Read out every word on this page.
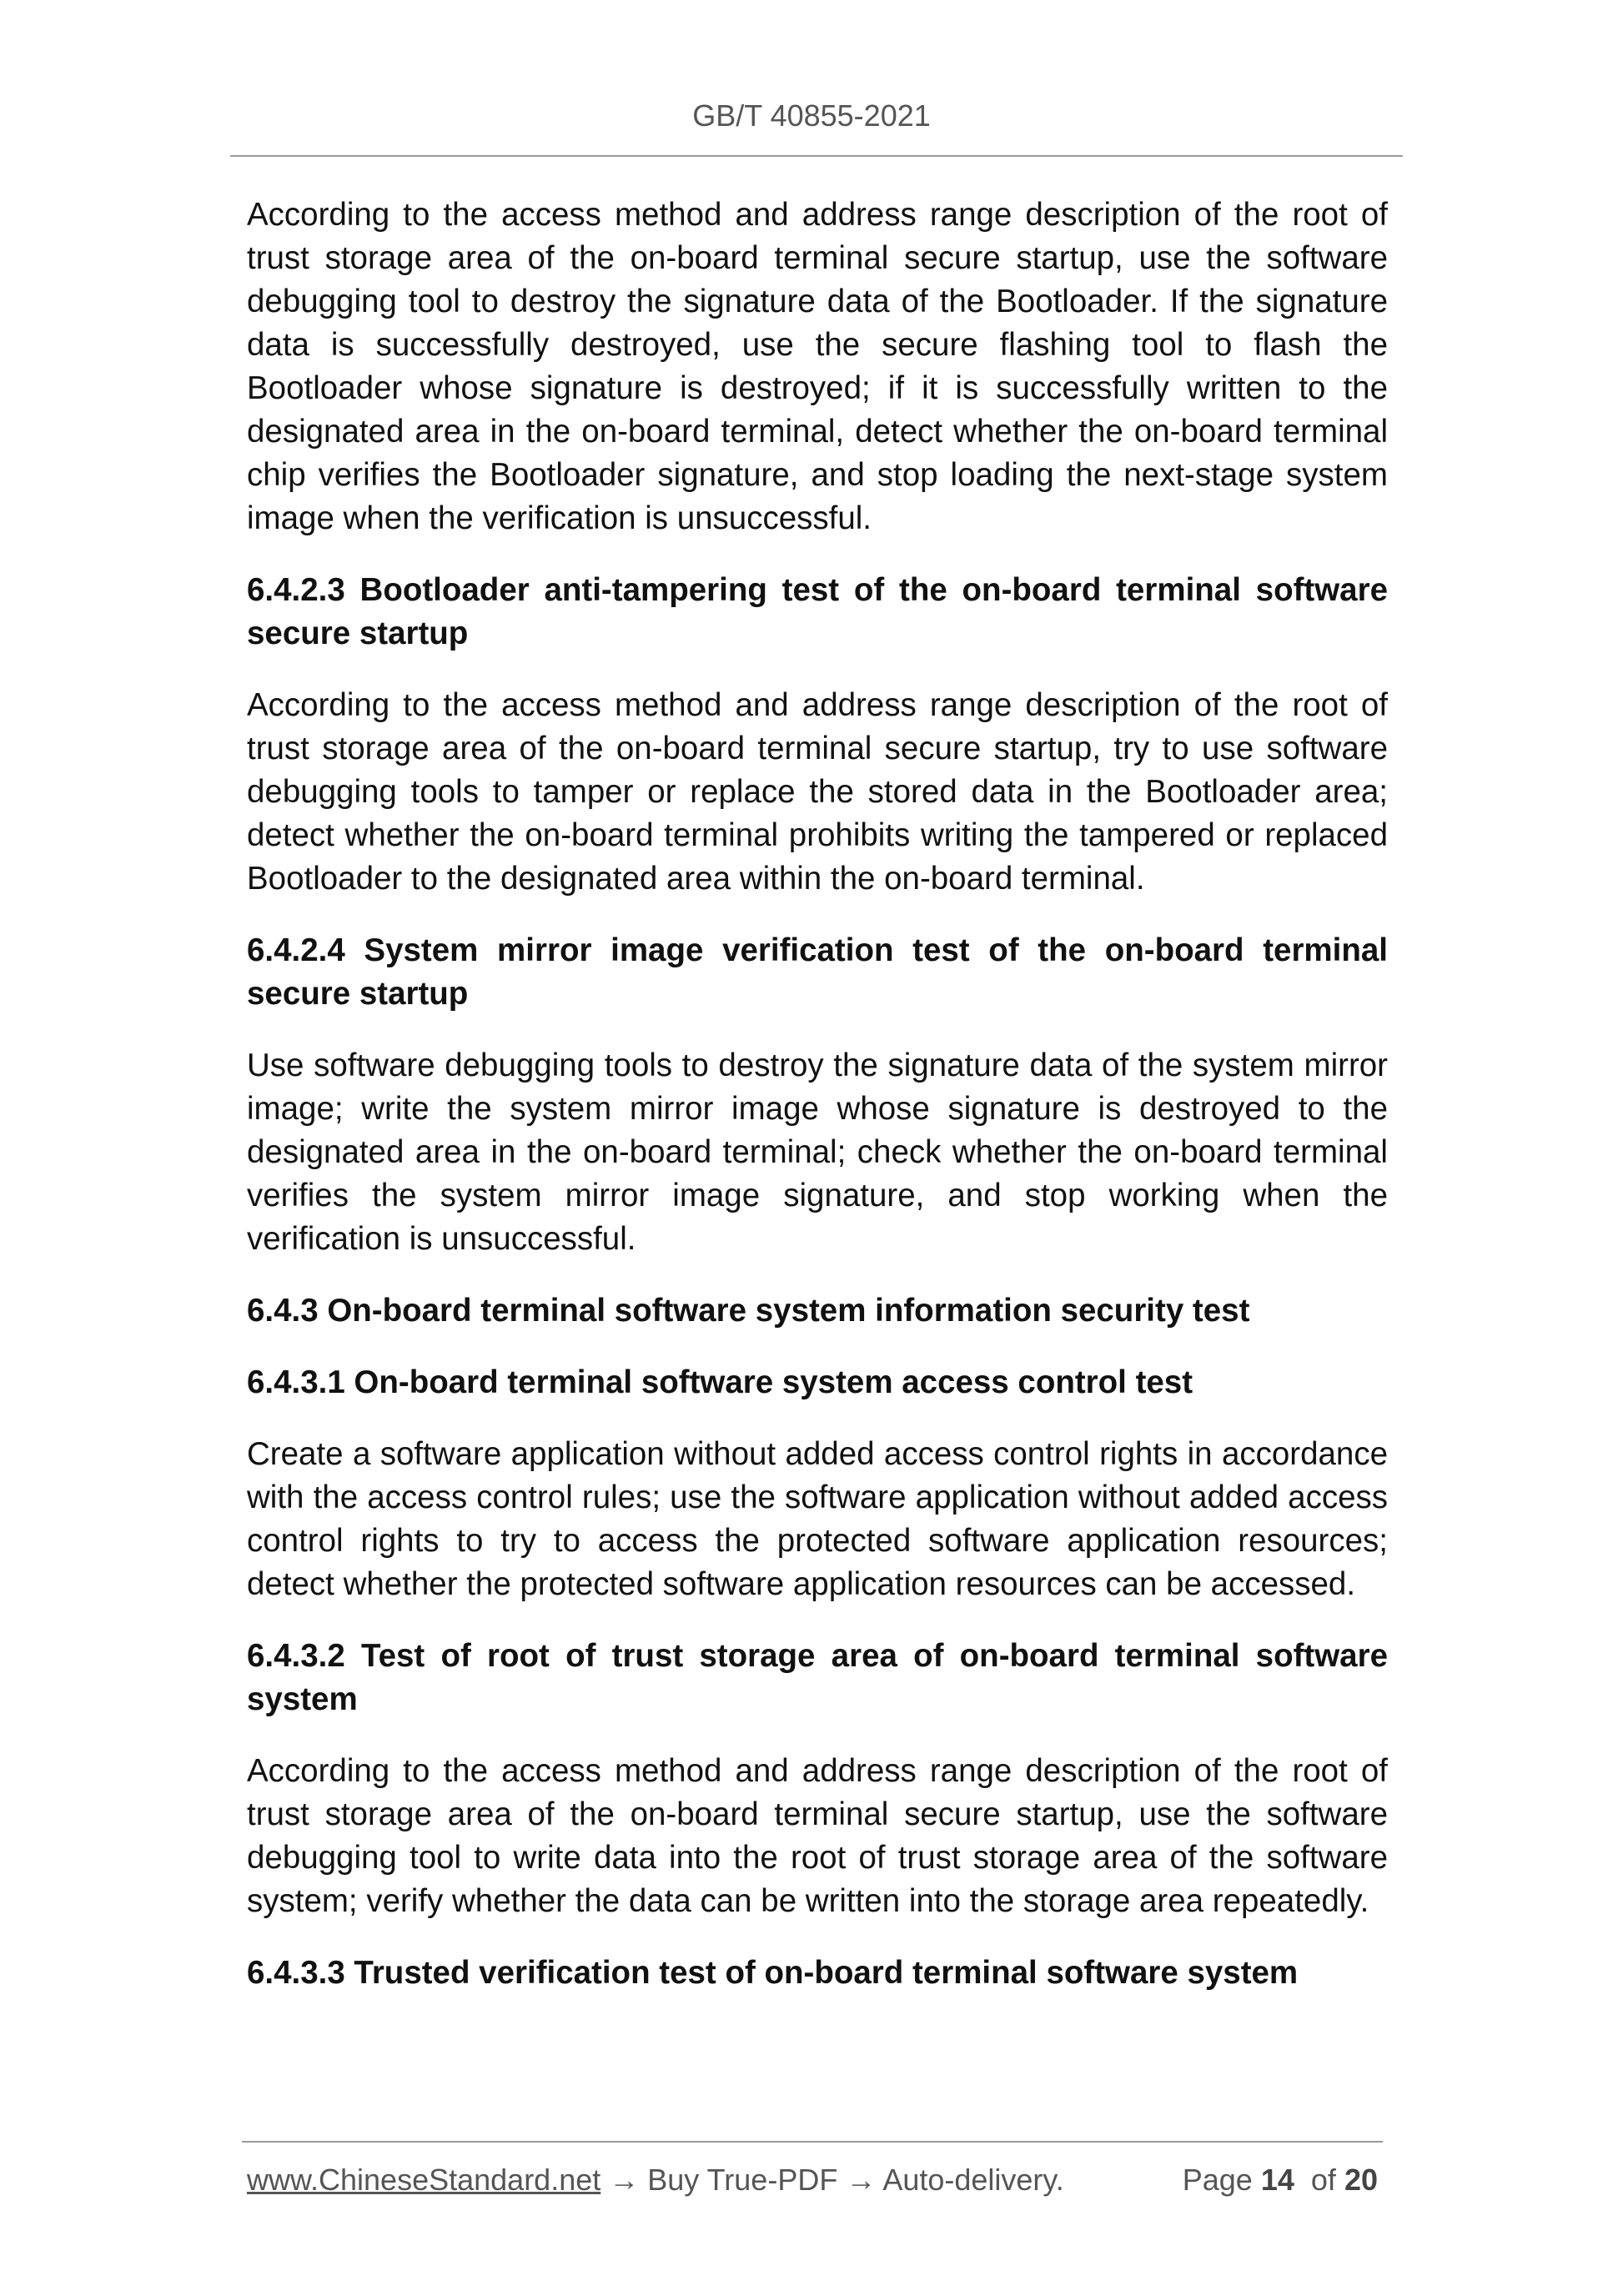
GB/T 40855-2021

According to the access method and address range description of the root of trust storage area of the on-board terminal secure startup, use the software debugging tool to destroy the signature data of the Bootloader. If the signature data is successfully destroyed, use the secure flashing tool to flash the Bootloader whose signature is destroyed; if it is successfully written to the designated area in the on-board terminal, detect whether the on-board terminal chip verifies the Bootloader signature, and stop loading the next-stage system image when the verification is unsuccessful.

6.4.2.3 Bootloader anti-tampering test of the on-board terminal software secure startup

According to the access method and address range description of the root of trust storage area of the on-board terminal secure startup, try to use software debugging tools to tamper or replace the stored data in the Bootloader area; detect whether the on-board terminal prohibits writing the tampered or replaced Bootloader to the designated area within the on-board terminal.

6.4.2.4 System mirror image verification test of the on-board terminal secure startup

Use software debugging tools to destroy the signature data of the system mirror image; write the system mirror image whose signature is destroyed to the designated area in the on-board terminal; check whether the on-board terminal verifies the system mirror image signature, and stop working when the verification is unsuccessful.

6.4.3 On-board terminal software system information security test

6.4.3.1 On-board terminal software system access control test

Create a software application without added access control rights in accordance with the access control rules; use the software application without added access control rights to try to access the protected software application resources; detect whether the protected software application resources can be accessed.

6.4.3.2 Test of root of trust storage area of on-board terminal software system

According to the access method and address range description of the root of trust storage area of the on-board terminal secure startup, use the software debugging tool to write data into the root of trust storage area of the software system; verify whether the data can be written into the storage area repeatedly.

6.4.3.3 Trusted verification test of on-board terminal software system

www.ChineseStandard.net → Buy True-PDF → Auto-delivery.	Page 14 of 20
